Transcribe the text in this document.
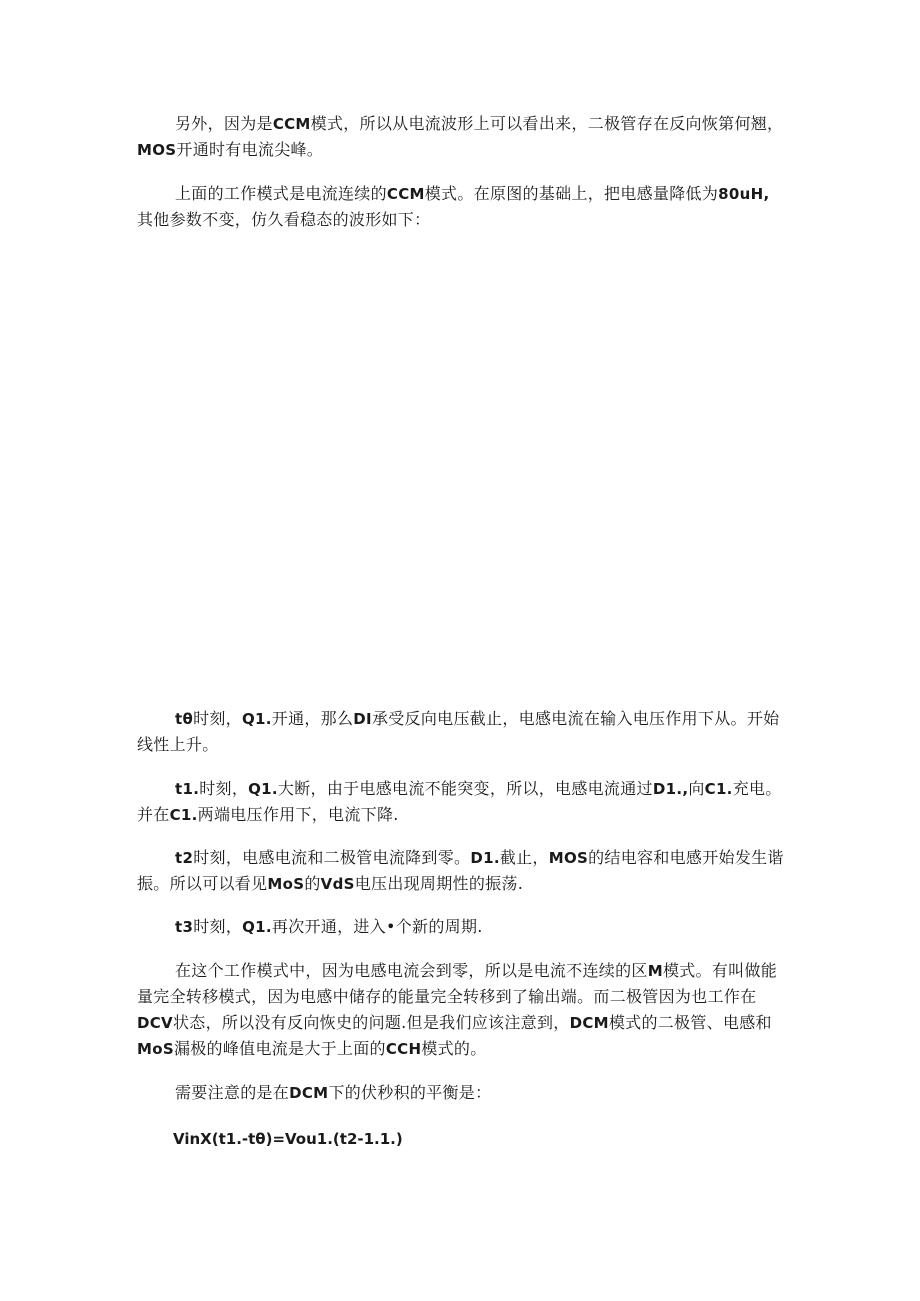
另外，因为是CCM模式，所以从电流波形上可以看出来，二极管存在反向恢第何翘，MOS开通时有电流尖峰。

上面的工作模式是电流连续的CCM模式。在原图的基础上，把电感量降低为80uH,其他参数不变，仿久看稳态的波形如下：

tθ时刻，Q1.开通，那么DI承受反向电压截止，电感电流在输入电压作用下从。开始线性上升。

t1.时刻，Q1.大断，由于电感电流不能突变，所以，电感电流通过D1.,向C1.充电。并在C1.两端电压作用下，电流下降.

t2时刻，电感电流和二极管电流降到零。D1.截止，MOS的结电容和电感开始发生谐振。所以可以看见MoS的VdS电压出现周期性的振荡.

t3时刻，Q1.再次开通，进入•个新的周期.

在这个工作模式中，因为电感电流会到零，所以是电流不连续的区M模式。有叫做能量完全转移模式，因为电感中储存的能量完全转移到了输出端。而二极管因为也工作在DCV状态，所以没有反向恢史的问题.但是我们应该注意到，DCM模式的二极管、电感和MoS漏极的峰值电流是大于上面的CCH模式的。

需要注意的是在DCM下的伏秒积的平衡是：

VinX(t1.-tθ)=Vou1.(t2-1.1.)
